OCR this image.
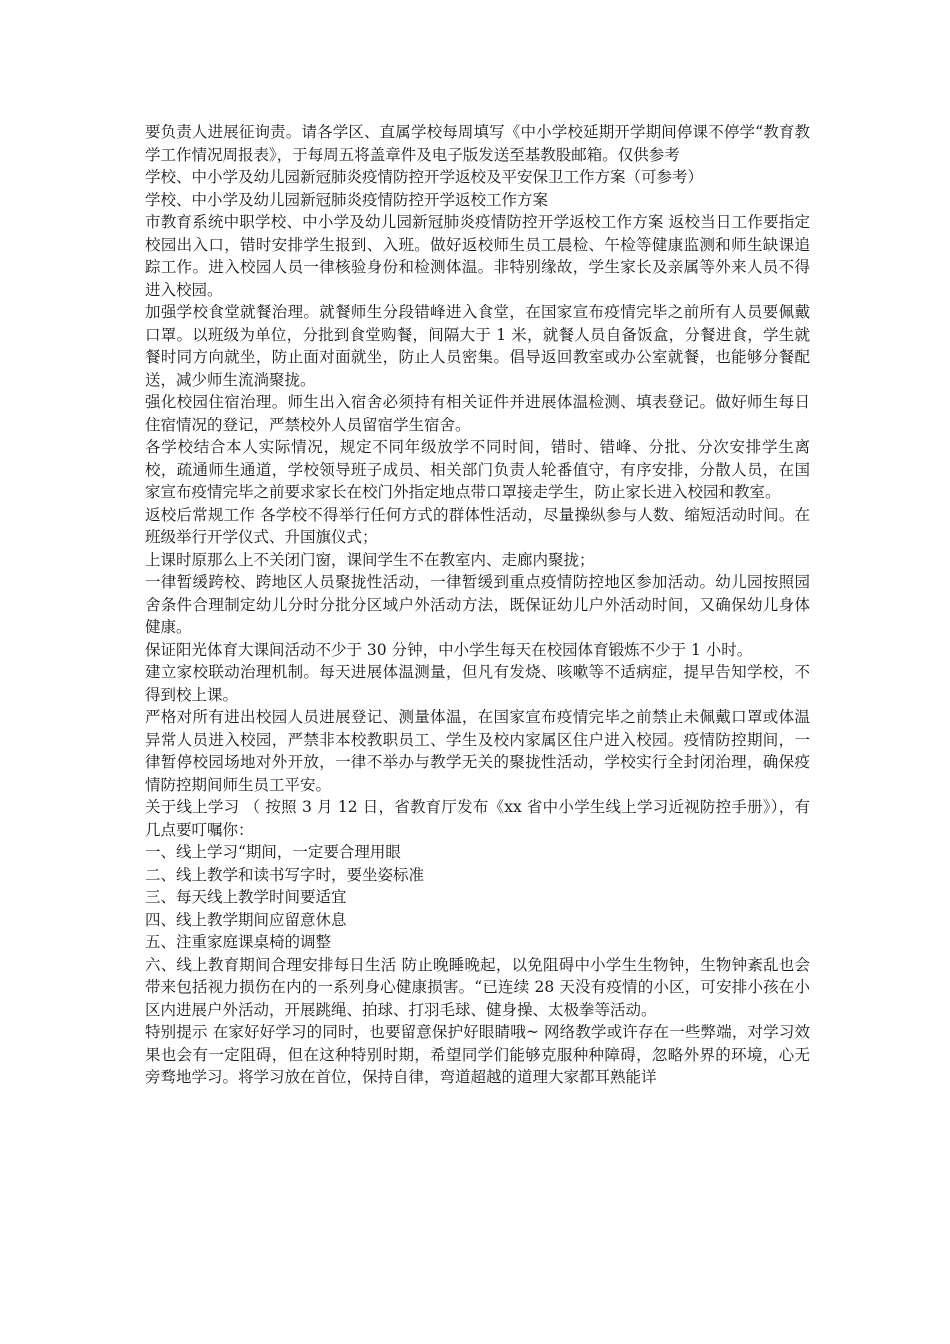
要负责人进展征询责。请各学区、直属学校每周填写《中小学校延期开学期间停课不停学“教育教学工作情况周报表》，于每周五将盖章件及电子版发送至基教股邮箱。仅供参考

学校、中小学及幼儿园新冠肺炎疫情防控开学返校及平安保卫工作方案（可参考）

学校、中小学及幼儿园新冠肺炎疫情防控开学返校工作方案

市教育系统中职学校、中小学及幼儿园新冠肺炎疫情防控开学返校工作方案 返校当日工作要指定校园出入口，错时安排学生报到、入班。做好返校师生员工晨检、午检等健康监测和师生缺课追踪工作。进入校园人员一律核验身份和检测体温。非特别缘故，学生家长及亲属等外来人员不得进入校园。

加强学校食堂就餐治理。就餐师生分段错峰进入食堂，在国家宣布疫情完毕之前所有人员要佩戴口罩。以班级为单位，分批到食堂购餐，间隔大于 1 米，就餐人员自备饭盒，分餐进食，学生就餐时同方向就坐，防止面对面就坐，防止人员密集。倡导返回教室或办公室就餐，也能够分餐配送，减少师生流淌聚拢。

强化校园住宿治理。师生出入宿舍必须持有相关证件并进展体温检测、填表登记。做好师生每日住宿情况的登记，严禁校外人员留宿学生宿舍。

各学校结合本人实际情况，规定不同年级放学不同时间，错时、错峰、分批、分次安排学生离校，疏通师生通道，学校领导班子成员、相关部门负责人轮番值守，有序安排，分散人员，在国家宣布疫情完毕之前要求家长在校门外指定地点带口罩接走学生，防止家长进入校园和教室。

返校后常规工作 各学校不得举行任何方式的群体性活动，尽量操纵参与人数、缩短活动时间。在班级举行开学仪式、升国旗仪式；

上课时原那么上不关闭门窗，课间学生不在教室内、走廊内聚拢；

一律暂缓跨校、跨地区人员聚拢性活动，一律暂缓到重点疫情防控地区参加活动。幼儿园按照园舍条件合理制定幼儿分时分批分区域户外活动方法，既保证幼儿户外活动时间，又确保幼儿身体健康。

保证阳光体育大课间活动不少于 30 分钟，中小学生每天在校园体育锻炼不少于 1 小时。

建立家校联动治理机制。每天进展体温测量，但凡有发烧、咳嗽等不适病症，提早告知学校，不得到校上课。

严格对所有进出校园人员进展登记、测量体温，在国家宣布疫情完毕之前禁止未佩戴口罩或体温异常人员进入校园，严禁非本校教职员工、学生及校内家属区住户进入校园。疫情防控期间，一律暂停校园场地对外开放，一律不举办与教学无关的聚拢性活动，学校实行全封闭治理，确保疫情防控期间师生员工平安。

关于线上学习 （ 按照 3 月 12 日，省教育厅发布《xx 省中小学生线上学习近视防控手册》），有几点要叮嘱你：

一、线上学习“期间，一定要合理用眼

二、线上教学和读书写字时，要坐姿标准

三、每天线上教学时间要适宜

四、线上教学期间应留意休息

五、注重家庭课桌椅的调整

六、线上教育期间合理安排每日生活 防止晚睡晚起，以免阻碍中小学生生物钟，生物钟紊乱也会带来包括视力损伤在内的一系列身心健康损害。“已连续 28 天没有疫情的小区，可安排小孩在小区内进展户外活动，开展跳绳、拍球、打羽毛球、健身操、太极拳等活动。

特别提示 在家好好学习的同时，也要留意保护好眼睛哦~ 网络教学或许存在一些弊端，对学习效果也会有一定阻碍，但在这种特别时期，希望同学们能够克服种种障碍，忽略外界的环境，心无旁骛地学习。将学习放在首位，保持自律，弯道超越的道理大家都耳熟能详
